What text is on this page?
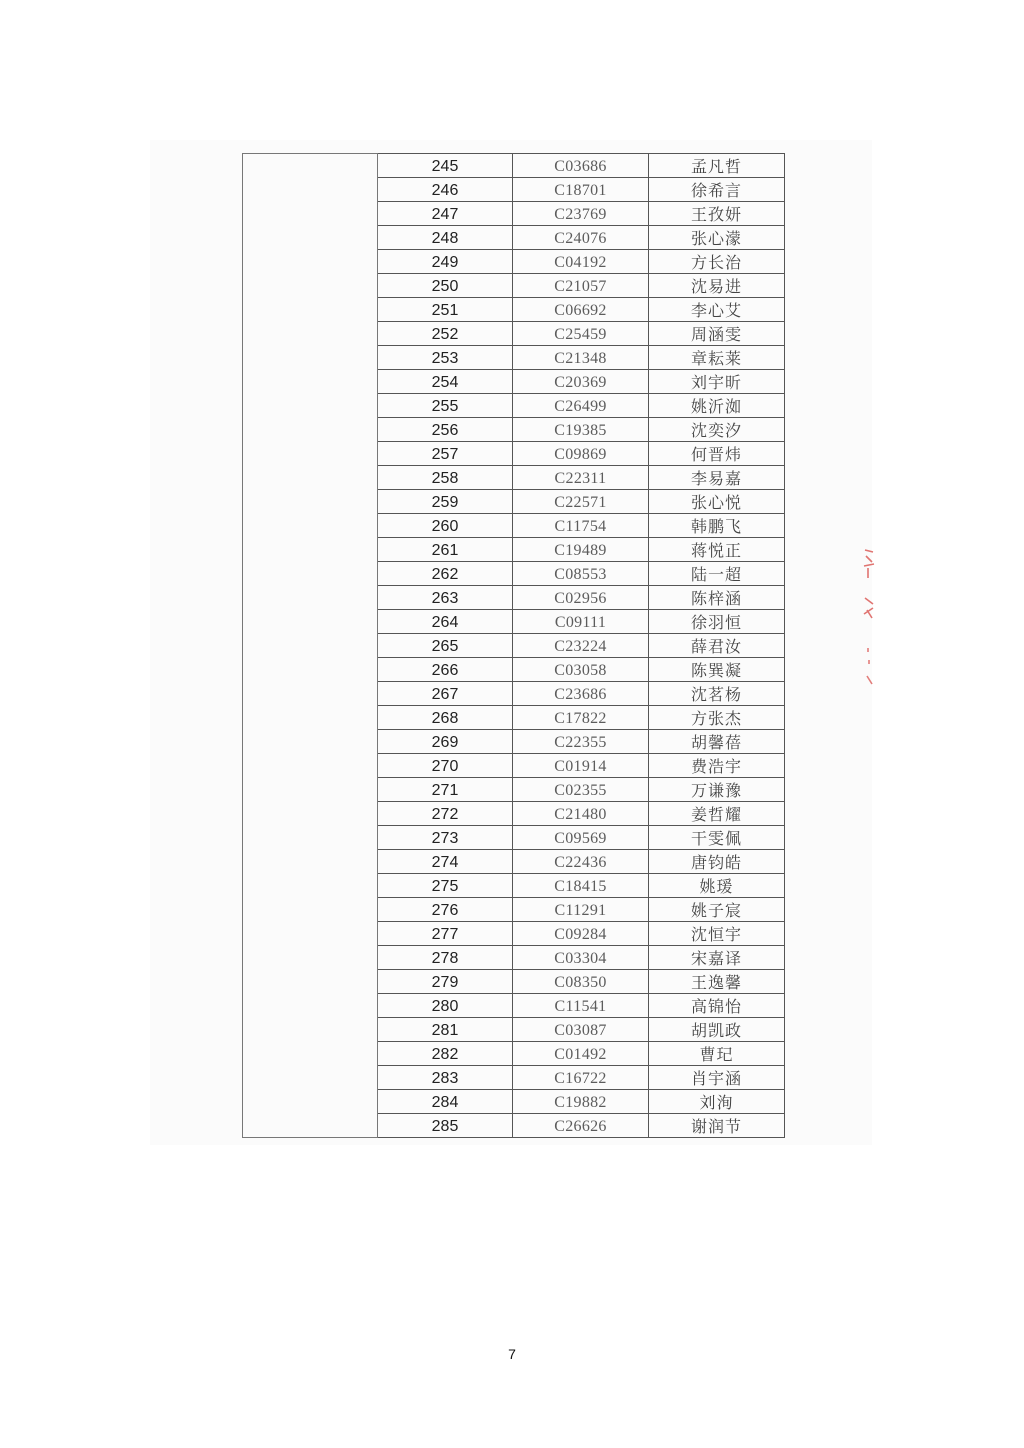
	245	C03686	孟凡哲
	246	C18701	徐希言
	247	C23769	王孜妍
	248	C24076	张心濛
	249	C04192	方长治
	250	C21057	沈易进
	251	C06692	李心艾
	252	C25459	周涵雯
	253	C21348	章耘莱
	254	C20369	刘宇昕
	255	C26499	姚沂洳
	256	C19385	沈奕汐
	257	C09869	何晋炜
	258	C22311	李易嘉
	259	C22571	张心悦
	260	C11754	韩鹏飞
	261	C19489	蒋悦正
	262	C08553	陆一超
	263	C02956	陈梓涵
	264	C09111	徐羽恒
	265	C23224	薛君汝
	266	C03058	陈巽凝
	267	C23686	沈茗杨
	268	C17822	方张杰
	269	C22355	胡馨蓓
	270	C01914	费浩宇
	271	C02355	万谦豫
	272	C21480	姜哲耀
	273	C09569	干雯佩
	274	C22436	唐钧皓
	275	C18415	姚瑗
	276	C11291	姚子宸
	277	C09284	沈恒宇
	278	C03304	宋嘉译
	279	C08350	王逸馨
	280	C11541	高锦怡
	281	C03087	胡凯政
	282	C01492	曹玘
	283	C16722	肖宇涵
	284	C19882	刘洵
	285	C26626	谢润节
7
